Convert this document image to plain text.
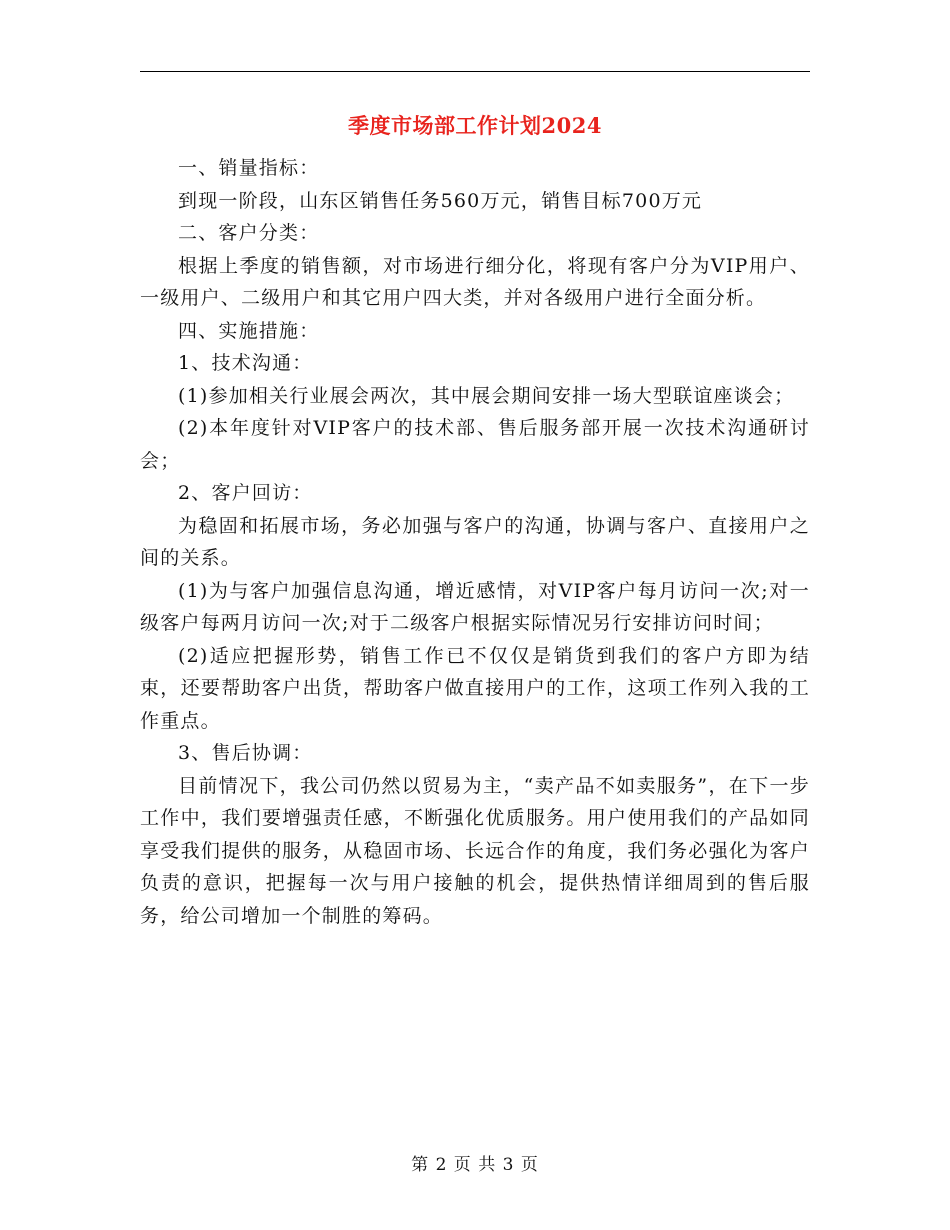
季度市场部工作计划2024

一、销量指标：

到现一阶段，山东区销售任务560万元，销售目标700万元

二、客户分类：

根据上季度的销售额，对市场进行细分化，将现有客户分为VIP用户、一级用户、二级用户和其它用户四大类，并对各级用户进行全面分析。

四、实施措施：

1、技术沟通：

(1)参加相关行业展会两次，其中展会期间安排一场大型联谊座谈会；

(2)本年度针对VIP客户的技术部、售后服务部开展一次技术沟通研讨会；

2、客户回访：

为稳固和拓展市场，务必加强与客户的沟通，协调与客户、直接用户之间的关系。

(1)为与客户加强信息沟通，增近感情，对VIP客户每月访问一次;对一级客户每两月访问一次;对于二级客户根据实际情况另行安排访问时间；

(2)适应把握形势，销售工作已不仅仅是销货到我们的客户方即为结束，还要帮助客户出货，帮助客户做直接用户的工作，这项工作列入我的工作重点。

3、售后协调：

目前情况下，我公司仍然以贸易为主，“卖产品不如卖服务”，在下一步工作中，我们要增强责任感，不断强化优质服务。用户使用我们的产品如同享受我们提供的服务，从稳固市场、长远合作的角度，我们务必强化为客户负责的意识，把握每一次与用户接触的机会，提供热情详细周到的售后服务，给公司增加一个制胜的筹码。

第 2 页 共 3 页
